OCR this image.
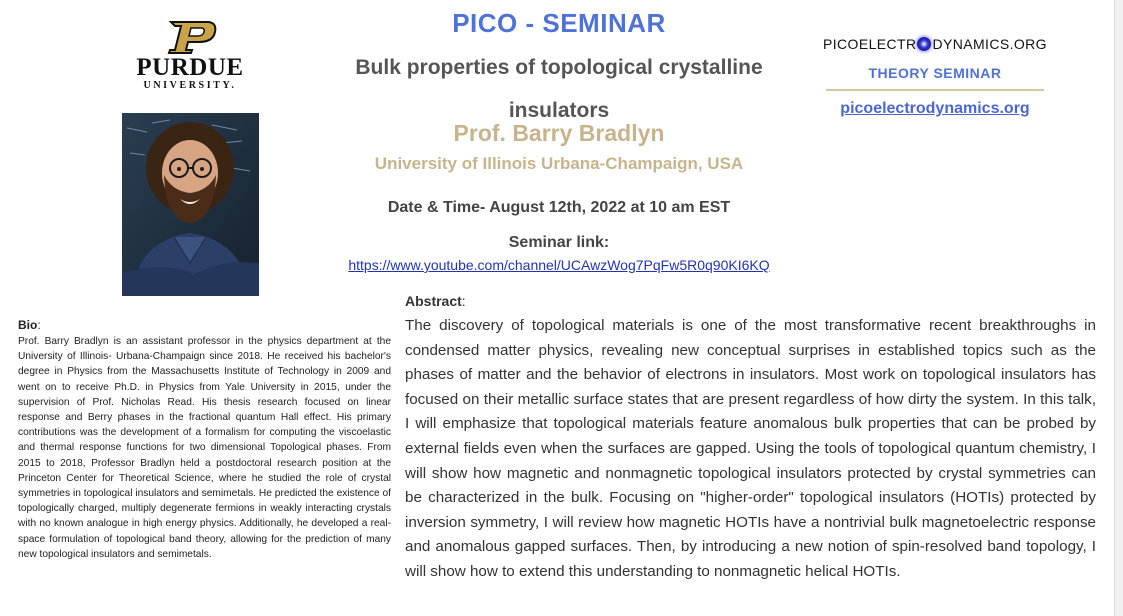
PURDUE
UNIVERSITY.
PICO - SEMINAR
Bulk properties of topological crystalline insulators
Prof. Barry Bradlyn
University of Illinois Urbana-Champaign, USA
Date & Time- August 12th, 2022 at 10 am EST
Seminar link:
https://www.youtube.com/channel/UCAwzWog7PqFw5R0q90KI6KQ
PICOELECTR DYNAMICS.ORG
THEORY SEMINAR
picoelectrodynamics.org
Bio:
Prof. Barry Bradlyn is an assistant professor in the physics department at the University of Illinois- Urbana-Champaign since 2018. He received his bachelor's degree in Physics from the Massachusetts Institute of Technology in 2009 and went on to receive Ph.D. in Physics from Yale University in 2015, under the supervision of Prof. Nicholas Read. His thesis research focused on linear response and Berry phases in the fractional quantum Hall effect. His primary contributions was the development of a formalism for computing the viscoelastic and thermal response functions for two dimensional Topological phases. From 2015 to 2018, Professor Bradlyn held a postdoctoral research position at the Princeton Center for Theoretical Science, where he studied the role of crystal symmetries in topological insulators and semimetals. He predicted the existence of topologically charged, multiply degenerate fermions in weakly interacting crystals with no known analogue in high energy physics. Additionally, he developed a real-space formulation of topological band theory, allowing for the prediction of many new topological insulators and semimetals.
Abstract:
The discovery of topological materials is one of the most transformative recent breakthroughs in condensed matter physics, revealing new conceptual surprises in established topics such as the phases of matter and the behavior of electrons in insulators. Most work on topological insulators has focused on their metallic surface states that are present regardless of how dirty the system. In this talk, I will emphasize that topological materials feature anomalous bulk properties that can be probed by external fields even when the surfaces are gapped. Using the tools of topological quantum chemistry, I will show how magnetic and nonmagnetic topological insulators protected by crystal symmetries can be characterized in the bulk. Focusing on "higher-order" topological insulators (HOTIs) protected by inversion symmetry, I will review how magnetic HOTIs have a nontrivial bulk magnetoelectric response and anomalous gapped surfaces. Then, by introducing a new notion of spin-resolved band topology, I will show how to extend this understanding to nonmagnetic helical HOTIs.
